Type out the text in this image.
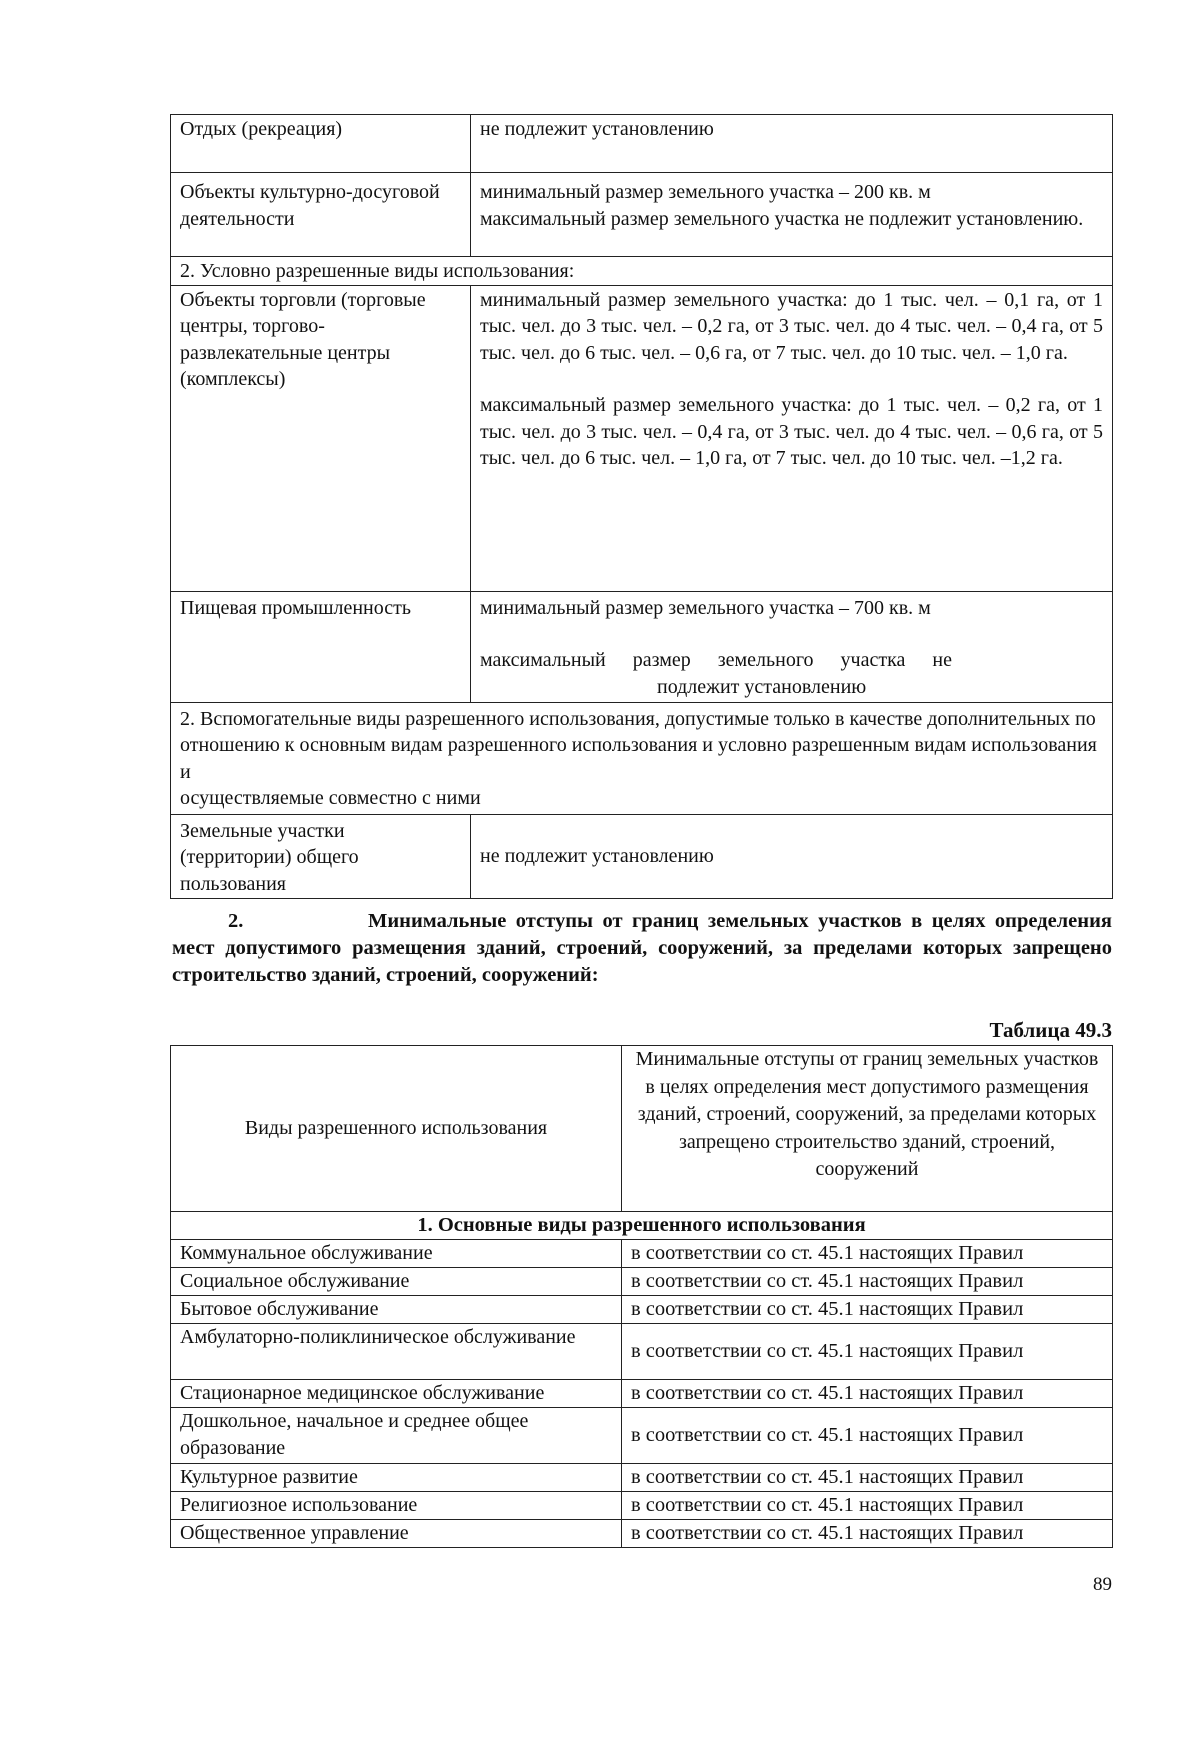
Отдых (рекреация)	не подлежит установлению
Объекты культурно-досуговой деятельности	минимальный размер земельного участка – 200 кв. м
максимальный размер земельного участка не подлежит установлению.

2. Условно разрешенные виды использования:	
Объекты торговли (торговые центры, торгово-развлекательные центры (комплексы)	минимальный размер земельного участка: до 1 тыс. чел. – 0,1 га, от 1 тыс. чел. до 3 тыс. чел. – 0,2 га, от 3 тыс. чел. до 4 тыс. чел. – 0,4 га, от 5 тыс. чел. до 6 тыс. чел. – 0,6 га, от 7 тыс. чел. до 10 тыс. чел. – 1,0 га.
максимальный размер земельного участка: до 1 тыс. чел. – 0,2 га, от 1 тыс. чел. до 3 тыс. чел. – 0,4 га, от 3 тыс. чел. до 4 тыс. чел. – 0,6 га, от 5 тыс. чел. до 6 тыс. чел. – 1,0 га, от 7 тыс. чел. до 10 тыс. чел. –1,2 га.

Пищевая промышленность	минимальный размер земельного участка – 700 кв. м
максимальный размер земельного участка не
подлежит установлению

2. Вспомогательные виды разрешенного использования, допустимые только в качестве дополнительных по отношению к основным видам разрешенного использования и условно разрешенным видам использования и
осуществляемые совместно с ними	

Земельные участки (территории) общего пользования	не подлежит установлению
2.	Минимальные отступы от границ земельных участков в целях определения мест допустимого размещения зданий, строений, сооружений, за пределами которых запрещено строительство зданий, строений, сооружений:
Таблица 49.3
Виды разрешенного использования	Минимальные отступы от границ земельных участков в целях определения мест допустимого размещения зданий, строений, сооружений, за пределами которых запрещено строительство зданий, строений, сооружений
1. Основные виды разрешенного использования	
Коммунальное обслуживание	в соответствии со ст. 45.1 настоящих Правил
Социальное обслуживание	в соответствии со ст. 45.1 настоящих Правил
Бытовое обслуживание	в соответствии со ст. 45.1 настоящих Правил
Амбулаторно-поликлиническое обслуживание	в соответствии со ст. 45.1 настоящих Правил
Стационарное медицинское обслуживание	в соответствии со ст. 45.1 настоящих Правил
Дошкольное, начальное и среднее общее образование	в соответствии со ст. 45.1 настоящих Правил
Культурное развитие	в соответствии со ст. 45.1 настоящих Правил
Религиозное использование	в соответствии со ст. 45.1 настоящих Правил
Общественное управление	в соответствии со ст. 45.1 настоящих Правил
89
